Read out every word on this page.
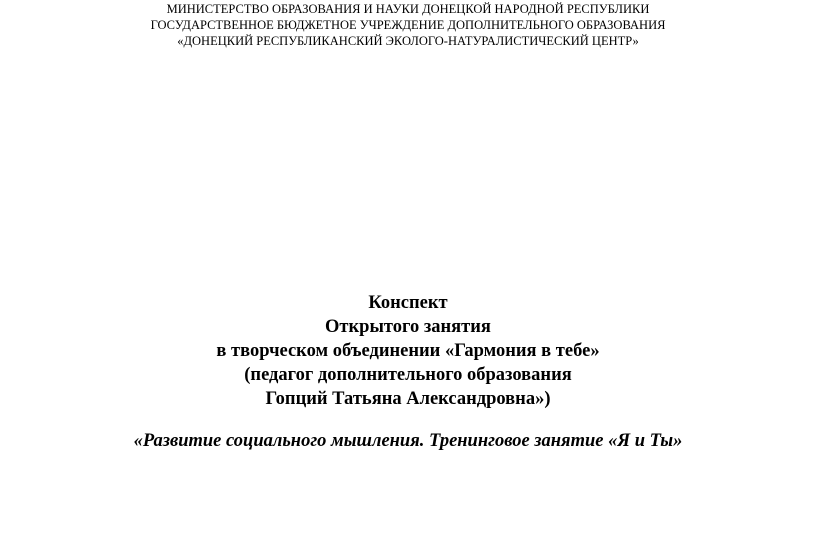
МИНИСТЕРСТВО ОБРАЗОВАНИЯ И НАУКИ ДОНЕЦКОЙ НАРОДНОЙ РЕСПУБЛИКИ
ГОСУДАРСТВЕННОЕ БЮДЖЕТНОЕ УЧРЕЖДЕНИЕ ДОПОЛНИТЕЛЬНОГО ОБРАЗОВАНИЯ
«ДОНЕЦКИЙ РЕСПУБЛИКАНСКИЙ ЭКОЛОГО-НАТУРАЛИСТИЧЕСКИЙ ЦЕНТР»
Конспект
Открытого занятия
в творческом объединении «Гармония в тебе»
(педагог дополнительного образования
Гопций Татьяна Александровна»)
«Развитие социального мышления. Тренинговое занятие «Я и Ты»
